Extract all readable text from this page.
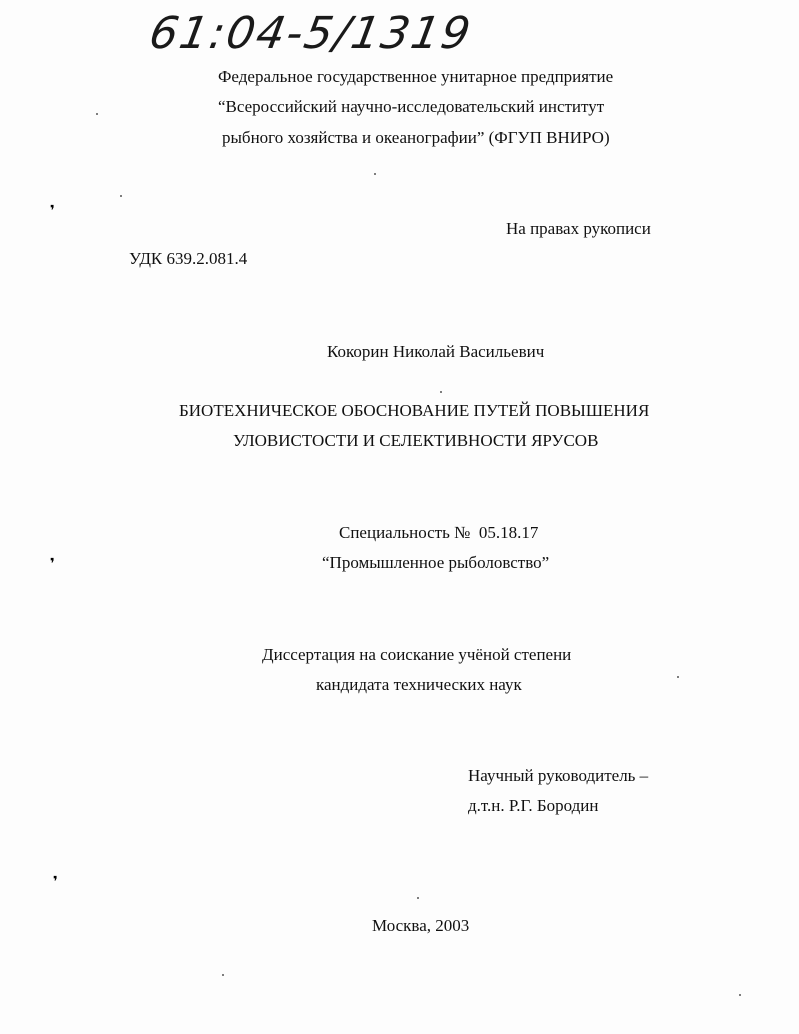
61:04-5/1319
Федеральное государственное унитарное предприятие
“Всероссийский научно-исследовательский институт
рыбного хозяйства и океанографии” (ФГУП ВНИРО)
На правах рукописи
УДК 639.2.081.4
Кокорин Николай Васильевич
БИОТЕХНИЧЕСКОЕ ОБОСНОВАНИЕ ПУТЕЙ ПОВЫШЕНИЯ
УЛОВИСТОСТИ И СЕЛЕКТИВНОСТИ ЯРУСОВ
Специальность №  05.18.17
“Промышленное рыболовство”
Диссертация на соискание учёной степени
кандидата технических наук
Научный руководитель –
д.т.н. Р.Г. Бородин
Москва, 2003
❜
❜
❜
